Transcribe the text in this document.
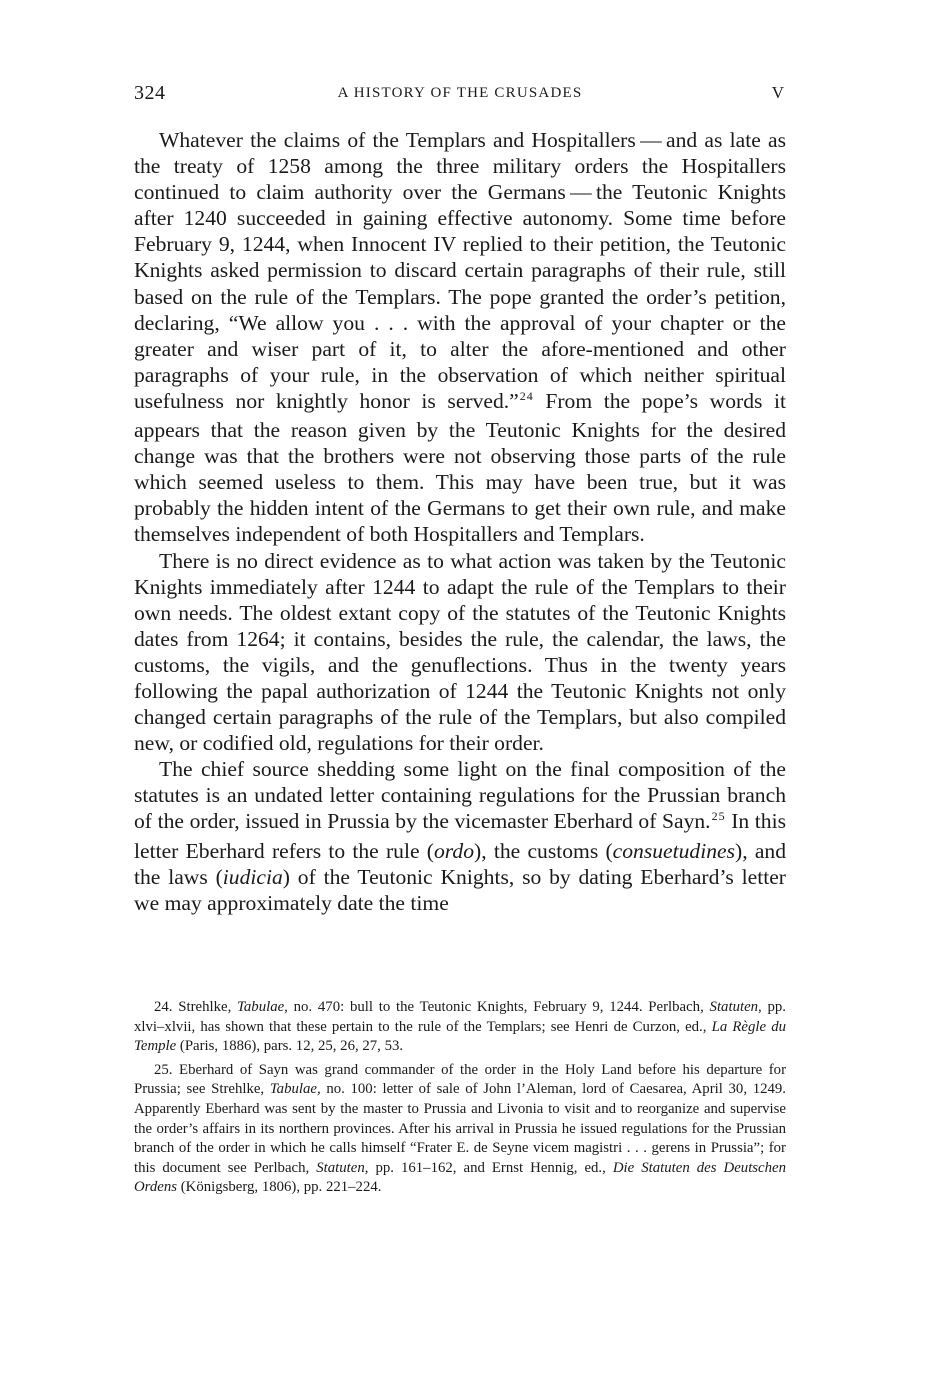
324	A HISTORY OF THE CRUSADES	V

Whatever the claims of the Templars and Hospitallers — and as late as the treaty of 1258 among the three military orders the Hospitallers continued to claim authority over the Germans — the Teutonic Knights after 1240 succeeded in gaining effective autonomy. Some time before February 9, 1244, when Innocent IV replied to their petition, the Teutonic Knights asked permission to discard certain paragraphs of their rule, still based on the rule of the Templars. The pope granted the order’s petition, declaring, “We allow you . . . with the approval of your chapter or the greater and wiser part of it, to alter the afore-mentioned and other paragraphs of your rule, in the observation of which neither spiritual usefulness nor knightly honor is served.”$^{24}$ From the pope’s words it appears that the reason given by the Teutonic Knights for the desired change was that the brothers were not observing those parts of the rule which seemed useless to them. This may have been true, but it was probably the hidden intent of the Germans to get their own rule, and make themselves independent of both Hospitallers and Templars.

There is no direct evidence as to what action was taken by the Teutonic Knights immediately after 1244 to adapt the rule of the Templars to their own needs. The oldest extant copy of the statutes of the Teutonic Knights dates from 1264; it contains, besides the rule, the calendar, the laws, the customs, the vigils, and the genuflections. Thus in the twenty years following the papal authorization of 1244 the Teutonic Knights not only changed certain paragraphs of the rule of the Templars, but also compiled new, or codified old, regulations for their order.

The chief source shedding some light on the final composition of the statutes is an undated letter containing regulations for the Prussian branch of the order, issued in Prussia by the vicemaster Eberhard of Sayn.$^{25}$ In this letter Eberhard refers to the rule (ordo), the customs (consuetudines), and the laws (iudicia) of the Teutonic Knights, so by dating Eberhard’s letter we may approximately date the time

24. Strehlke, Tabulae, no. 470: bull to the Teutonic Knights, February 9, 1244. Perlbach, Statuten, pp. xlvi–xlvii, has shown that these pertain to the rule of the Templars; see Henri de Curzon, ed., La Règle du Temple (Paris, 1886), pars. 12, 25, 26, 27, 53.

25. Eberhard of Sayn was grand commander of the order in the Holy Land before his departure for Prussia; see Strehlke, Tabulae, no. 100: letter of sale of John l’Aleman, lord of Caesarea, April 30, 1249. Apparently Eberhard was sent by the master to Prussia and Livonia to visit and to reorganize and supervise the order’s affairs in its northern provinces. After his arrival in Prussia he issued regulations for the Prussian branch of the order in which he calls himself “Frater E. de Seyne vicem magistri . . . gerens in Prussia”; for this document see Perlbach, Statuten, pp. 161–162, and Ernst Hennig, ed., Die Statuten des Deutschen Ordens (Königsberg, 1806), pp. 221–224.
